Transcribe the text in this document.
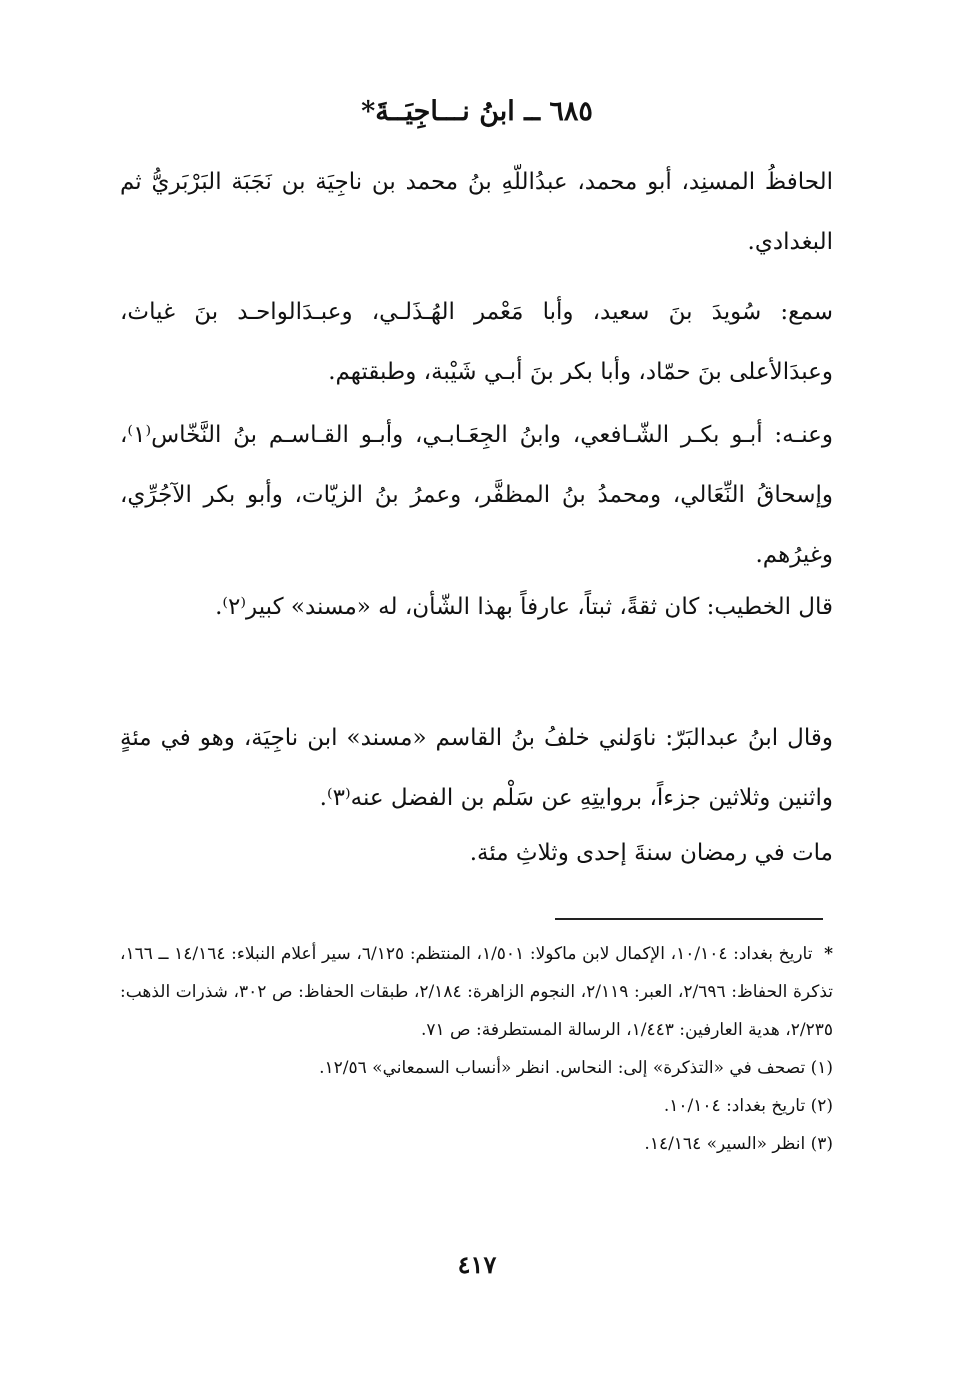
٦٨٥ ــ ابنُ نـــاجِيَــةَ*

الحافظُ المسنِد، أبو محمد، عبدُاللّهِ بنُ محمد بن ناجِيَة بن نَجَبَة البَرْبَريُّ ثم البغدادي.

سمع: سُويدَ بنَ سعيد، وأبا مَعْمر الهُـذَلـي، وعبـدَالواحـد بنَ غياث، وعبدَالأعلى بنَ حمّاد، وأبا بكر بنَ أبـي شَيْبة، وطبقتهم.

وعنـه: أبـو بكـر الشّـافعي، وابنُ الجِعَـابـي، وأبـو القـاسـم بنُ النَّخّاس⁽١⁾، وإسحاقُ النِّعَالي، ومحمدُ بنُ المظفَّر، وعمرُ بنُ الزيّات، وأبو بكر الآجُرِّي، وغيرُهم.

قال الخطيب: كان ثقةً، ثبتاً، عارفاً بهذا الشّأن، له «مسند» كبير⁽٢⁾.

وقال ابنُ عبدالبَرّ: ناوَلني خلفُ بنُ القاسم «مسند» ابن ناجِيَة، وهو في مئةٍ واثنين وثلاثين جزءاً، بروايتِهِ عن سَلْم بن الفضل عنه⁽٣⁾.

مات في رمضان سنةَ إحدى وثلاثِ مئة.

* تاريخ بغداد: ١٠/١٠٤، الإكمال لابن ماكولا: ١/٥٠١، المنتظم: ٦/١٢٥، سير أعلام النبلاء: ١٤/١٦٤ ــ ١٦٦، تذكرة الحفاظ: ٢/٦٩٦، العبر: ٢/١١٩، النجوم الزاهرة: ٢/١٨٤، طبقات الحفاظ: ص ٣٠٢، شذرات الذهب: ٢/٢٣٥، هدية العارفين: ١/٤٤٣، الرسالة المستطرفة: ص ٧١.

(١) تصحف في «التذكرة» إلى: النحاس. انظر «أنساب السمعاني» ١٢/٥٦.

(٢) تاريخ بغداد: ١٠/١٠٤.

(٣) انظر «السير» ١٤/١٦٤.

٤١٧
